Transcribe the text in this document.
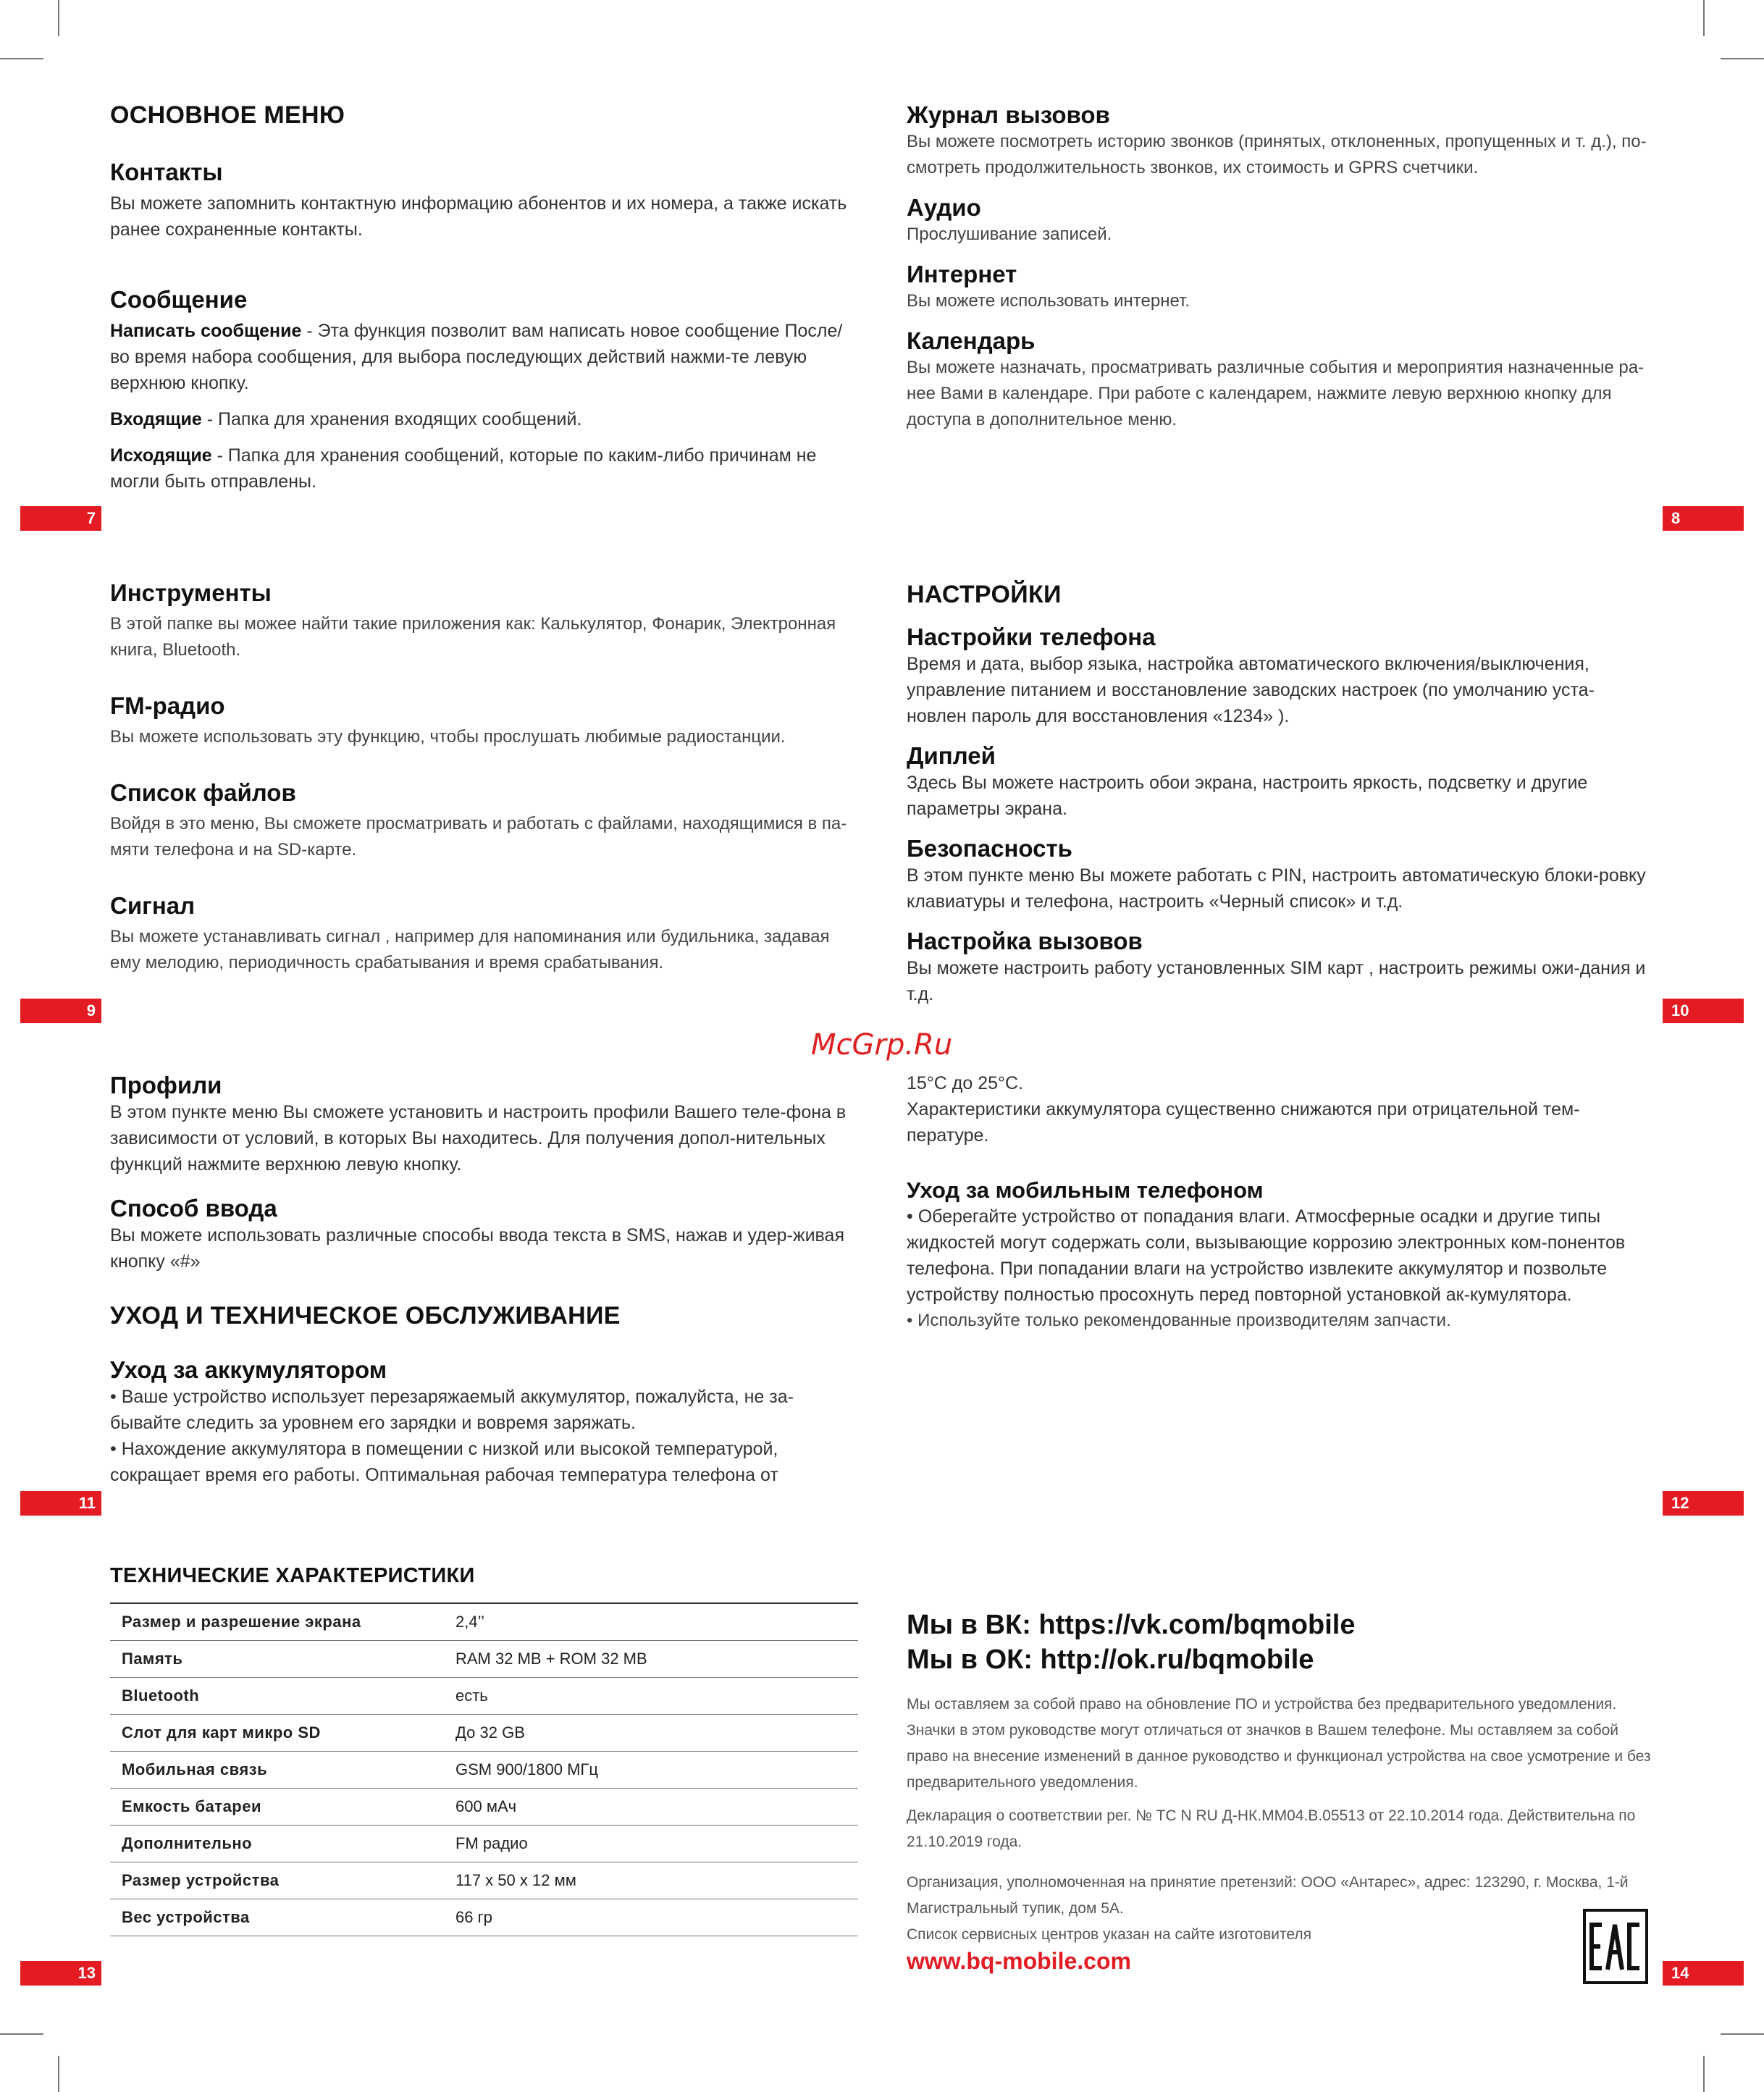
ОСНОВНОЕ МЕНЮ
Контакты

Вы можете запомнить контактную информацию абонентов и их номера, а также искать ранее сохраненные контакты.

Сообщение

Написать сообщение - Эта функция позволит вам написать новое сообщение После/во время набора сообщения, для выбора последующих действий нажми-те левую верхнюю кнопку.

Входящие - Папка для хранения входящих сообщений.

Исходящие - Папка для хранения сообщений, которые по каким-либо причинам не могли быть отправлены.

7
Журнал вызовов

Вы можете посмотреть историю звонков (принятых, отклоненных, пропущенных и т. д.), по-смотреть продолжительность звонков, их стоимость и GPRS счетчики.

Аудио

Прослушивание записей.

Интернет

Вы можете использовать интернет.

Календарь

Вы можете назначать, просматривать различные события и мероприятия назначенные ра-нее Вами в календаре. При работе с календарем, нажмите левую верхнюю кнопку для доступа в дополнительное меню.

8
Инструменты

В этой папке вы можее найти такие приложения как: Калькулятор, Фонарик, Электронная книга, Bluetooth.

FM-радио

Вы можете использовать эту функцию, чтобы прослушать любимые радиостанции.

Список файлов

Войдя в это меню, Вы сможете просматривать и работать с файлами, находящимися в па-мяти телефона и на SD-карте.

Сигнал

Вы можете устанавливать сигнал , например для напоминания или будильника, задавая ему мелодию, периодичность срабатывания и время срабатывания.

9
НАСТРОЙКИ
Настройки телефона

Время и дата, выбор языка, настройка автоматического включения/выключения, управление питанием и восстановление заводских настроек (по умолчанию уста-новлен пароль для восстановления «1234» ).

Диплей

Здесь Вы можете настроить обои экрана, настроить яркость, подсветку и другие параметры экрана.

Безопасность

В этом пункте меню Вы можете работать с PIN, настроить автоматическую блоки-ровку клавиатуры и телефона, настроить «Черный список» и т.д.

Настройка вызовов

Вы можете настроить работу установленных SIM карт , настроить режимы ожи-дания и т.д.

10
McGrp.Ru
Профили

В этом пункте меню Вы сможете установить и настроить профили Вашего теле-фона в зависимости от условий, в которых Вы находитесь. Для получения допол-нительных функций нажмите верхнюю левую кнопку.

Способ ввода

Вы можете использовать различные способы ввода текста в SMS, нажав и удер-живая кнопку «#»

УХОД И ТЕХНИЧЕСКОЕ ОБСЛУЖИВАНИЕ
Уход за аккумулятором

• Ваше устройство использует перезаряжаемый аккумулятор, пожалуйста, не за-бывайте следить за уровнем его зарядки и вовремя заряжать.

• Нахождение аккумулятора в помещении с низкой или высокой температурой, сокращает время его работы. Оптимальная рабочая температура телефона от

11

15°C до 25°C.

Характеристики аккумулятора существенно снижаются при отрицательной тем-пературе.

Уход за мобильным телефоном

• Оберегайте устройство от попадания влаги. Атмосферные осадки и другие типы жидкостей могут содержать соли, вызывающие коррозию электронных ком-понентов телефона. При попадании влаги на устройство извлеките аккумулятор и позвольте устройству полностью просохнуть перед повторной установкой ак-кумулятора.

• Используйте только рекомендованные производителям запчасти.

12
ТЕХНИЧЕСКИЕ ХАРАКТЕРИСТИКИ
Размер и разрешение экрана	2,4’’
Память	RAM 32 MB + ROM 32 MB
Bluetooth	есть
Слот для карт микро SD	До 32 GB
Мобильная связь	GSM 900/1800 МГц
Емкость батареи	600 мАч
Дополнительно	FM радио
Размер устройства	117 x 50 x 12 мм
Вес устройства	66 гр
13
Мы в ВК: https://vk.com/bqmobile
Мы в ОК: http://ok.ru/bqmobile

Мы оставляем за собой право на обновление ПО и устройства без предварительного уведомления. Значки в этом руководстве могут отличаться от значков в Вашем телефоне. Мы оставляем за собой право на внесение изменений в данное руководство и функционал устройства на свое усмотрение и без предварительного уведомления.

Декларация о соответствии рег. № ТС N RU Д-НК.ММ04.В.05513 от 22.10.2014 года. Действительна по 21.10.2019 года.

Организация, уполномоченная на принятие претензий: ООО «Антарес», адрес: 123290, г. Москва, 1-й Магистральный тупик, дом 5А.

Список сервисных центров указан на сайте изготовителя

www.bq-mobile.com	14
